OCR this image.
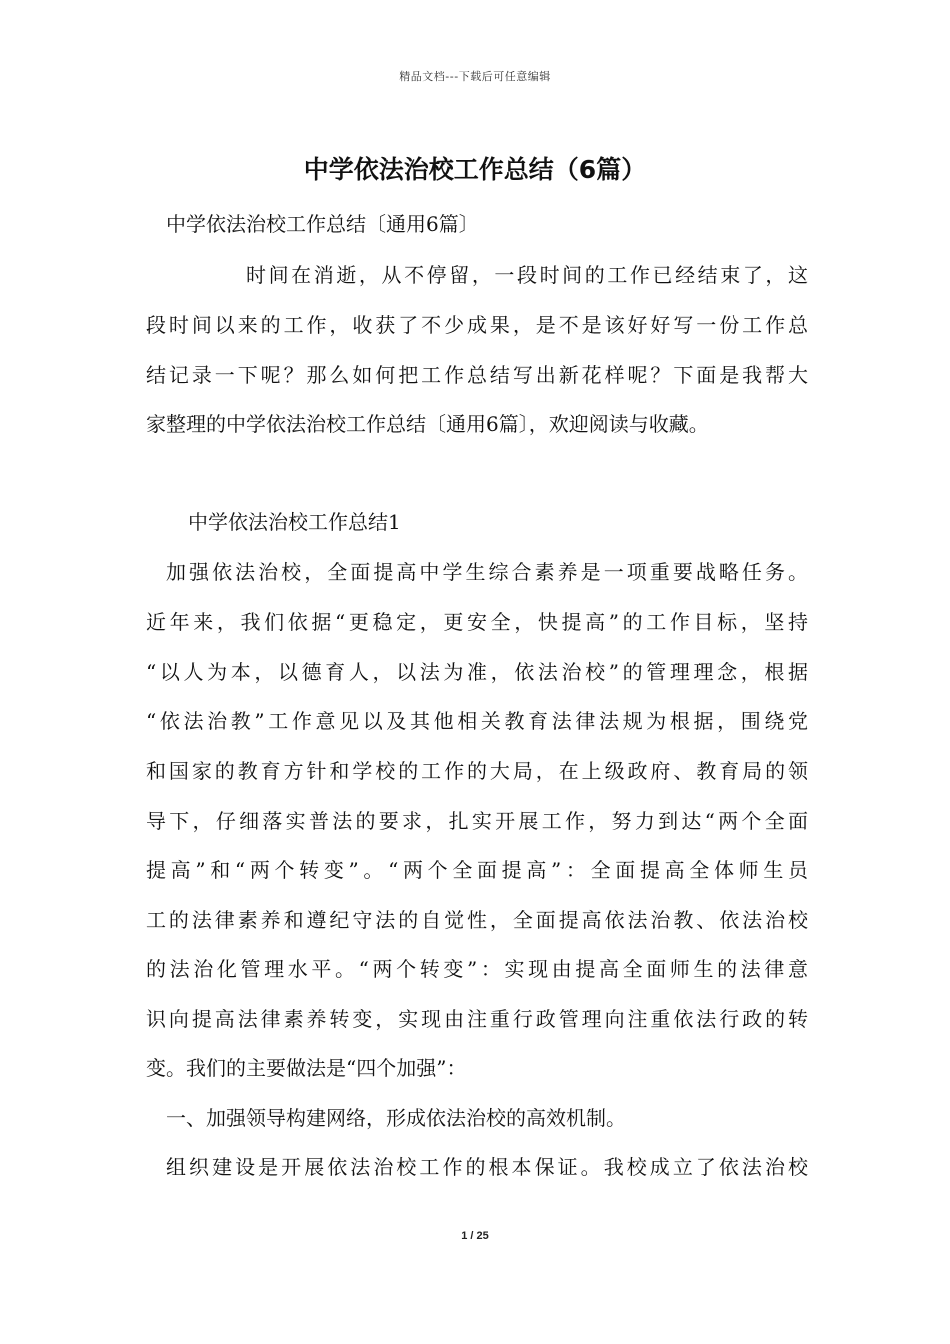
精品文档---下载后可任意编辑
中学依法治校工作总结（6篇）
中学依法治校工作总结〔通用6篇〕
时间在消逝，从不停留，一段时间的工作已经结束了，这
段时间以来的工作，收获了不少成果，是不是该好好写一份工作总
结记录一下呢？那么如何把工作总结写出新花样呢？下面是我帮大
家整理的中学依法治校工作总结〔通用6篇〕，欢迎阅读与收藏。
中学依法治校工作总结1
加强依法治校，全面提高中学生综合素养是一项重要战略任务。
近年来，我们依据“更稳定，更安全，快提高”的工作目标，坚持
“以人为本，以德育人，以法为准，依法治校”的管理理念，根据
“依法治教”工作意见以及其他相关教育法律法规为根据，围绕党
和国家的教育方针和学校的工作的大局，在上级政府、教育局的领
导下，仔细落实普法的要求，扎实开展工作，努力到达“两个全面
提高”和“两个转变”。“两个全面提高”：全面提高全体师生员
工的法律素养和遵纪守法的自觉性，全面提高依法治教、依法治校
的法治化管理水平。“两个转变”：实现由提高全面师生的法律意
识向提高法律素养转变，实现由注重行政管理向注重依法行政的转
变。我们的主要做法是“四个加强”：
一、加强领导构建网络，形成依法治校的高效机制。
组织建设是开展依法治校工作的根本保证。我校成立了依法治校
1 / 25
